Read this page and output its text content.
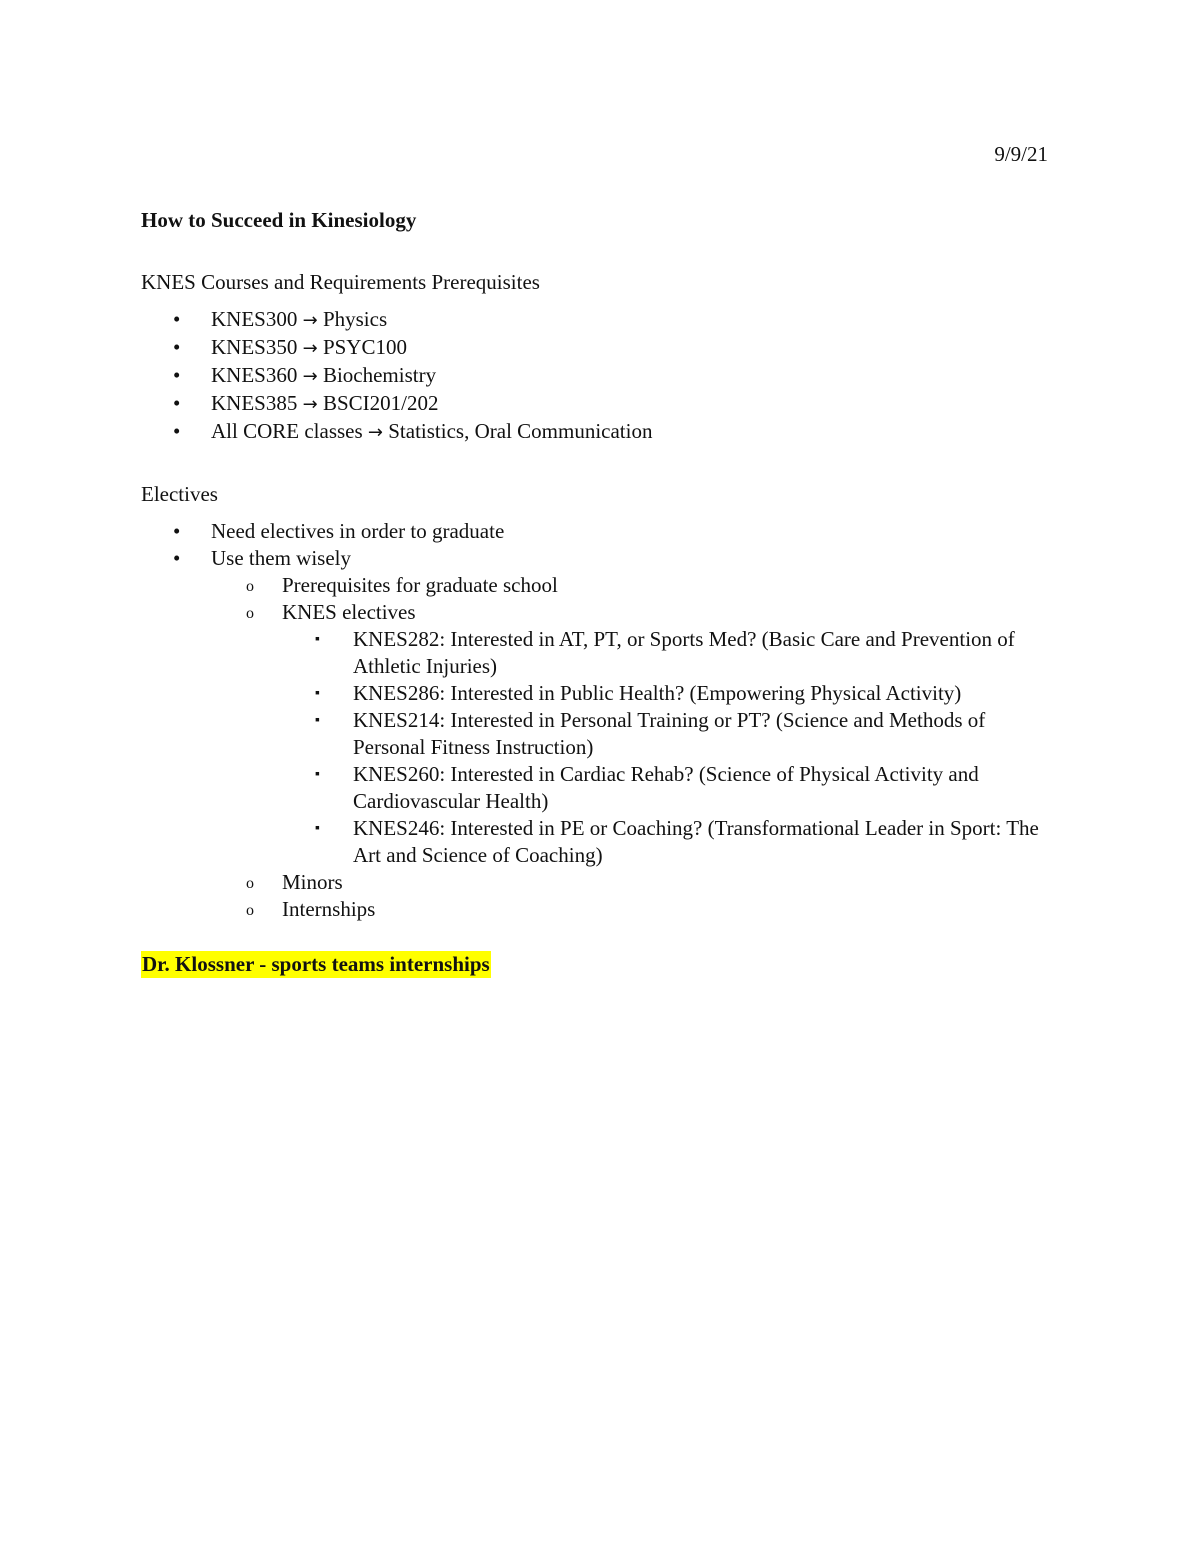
9/9/21
How to Succeed in Kinesiology
KNES Courses and Requirements Prerequisites
• KNES300 → Physics
• KNES350 → PSYC100
• KNES360 → Biochemistry
• KNES385 → BSCI201/202
• All CORE classes → Statistics, Oral Communication
Electives
• Need electives in order to graduate
• Use them wisely
o Prerequisites for graduate school
o KNES electives
▪ KNES282: Interested in AT, PT, or Sports Med? (Basic Care and Prevention of Athletic Injuries)
▪ KNES286: Interested in Public Health? (Empowering Physical Activity)
▪ KNES214: Interested in Personal Training or PT? (Science and Methods of Personal Fitness Instruction)
▪ KNES260: Interested in Cardiac Rehab? (Science of Physical Activity and Cardiovascular Health)
▪ KNES246: Interested in PE or Coaching? (Transformational Leader in Sport: The Art and Science of Coaching)
o Minors
o Internships
Dr. Klossner - sports teams internships
